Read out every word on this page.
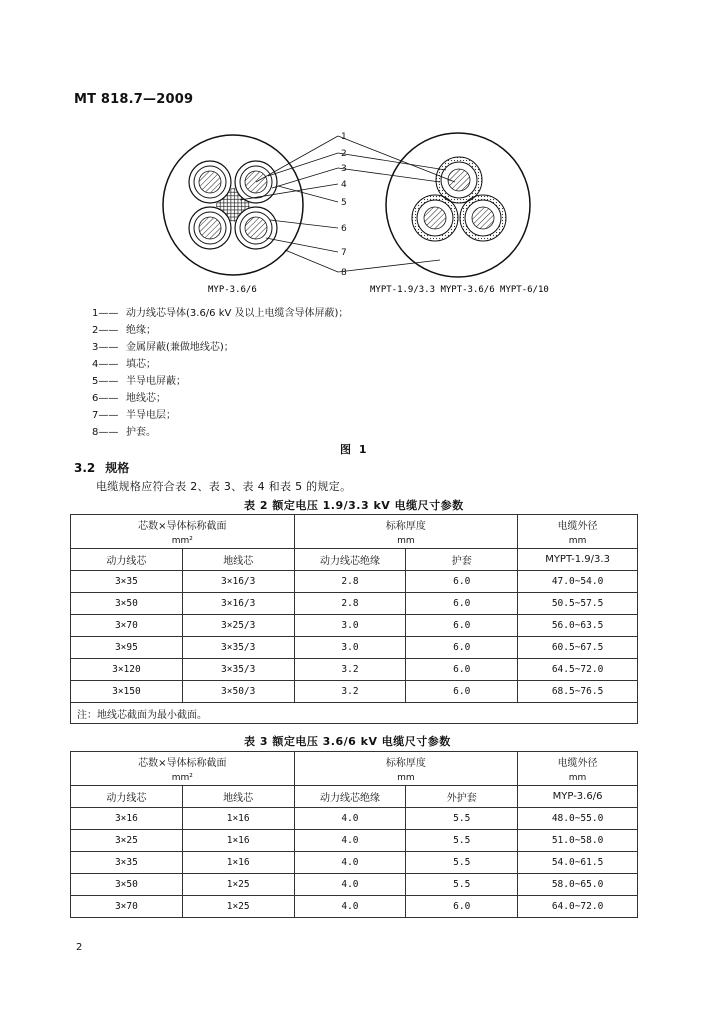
MT 818.7—2009
1
2
3
4
5
6
7
8
MYP-3.6/6	MYPT-1.9/3.3 MYPT-3.6/6 MYPT-6/10
1—— 动力线芯导体(3.6/6 kV 及以上电缆含导体屏蔽)；
2—— 绝缘；
3—— 金属屏蔽(兼做地线芯)；
4—— 填芯；
5—— 半导电屏蔽；
6—— 地线芯；
7—— 半导电层；
8—— 护套。
图 1
3.2 规格
电缆规格应符合表 2、表 3、表 4 和表 5 的规定。
表 2 额定电压 1.9/3.3 kV 电缆尺寸参数
芯数×导体标称截面		标称厚度		电缆外径
mm²		mm		mm
动力线芯	地线芯	动力线芯绝缘	护套	MYPT-1.9/3.3
3×35	3×16/3	2.8	6.0	47.0~54.0
3×50	3×16/3	2.8	6.0	50.5~57.5
3×70	3×25/3	3.0	6.0	56.0~63.5
3×95	3×35/3	3.0	6.0	60.5~67.5
3×120	3×35/3	3.2	6.0	64.5~72.0
3×150	3×50/3	3.2	6.0	68.5~76.5
注：地线芯截面为最小截面。				
表 3 额定电压 3.6/6 kV 电缆尺寸参数
芯数×导体标称截面		标称厚度		电缆外径
mm²		mm		mm
动力线芯	地线芯	动力线芯绝缘	外护套	MYP-3.6/6
3×16	1×16	4.0	5.5	48.0~55.0
3×25	1×16	4.0	5.5	51.0~58.0
3×35	1×16	4.0	5.5	54.0~61.5
3×50	1×25	4.0	5.5	58.0~65.0
3×70	1×25	4.0	6.0	64.0~72.0
2
